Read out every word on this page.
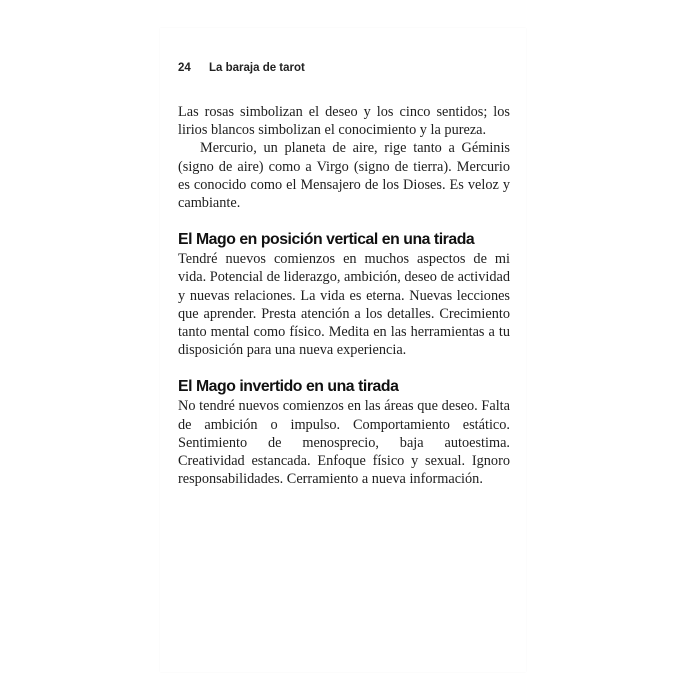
24 La baraja de tarot

Las rosas simbolizan el deseo y los cinco sentidos; los lirios blancos simbolizan el conocimiento y la pureza.

Mercurio, un planeta de aire, rige tanto a Géminis (signo de aire) como a Virgo (signo de tierra). Mercurio es conocido como el Mensajero de los Dioses. Es veloz y cambiante.

El Mago en posición vertical en una tirada

Tendré nuevos comienzos en muchos aspectos de mi vida. Potencial de liderazgo, ambición, deseo de actividad y nuevas relaciones. La vida es eterna. Nuevas lecciones que aprender. Presta atención a los detalles. Crecimiento tanto mental como físico. Medita en las herramientas a tu disposición para una nueva experiencia.

El Mago invertido en una tirada

No tendré nuevos comienzos en las áreas que deseo. Falta de ambición o impulso. Comportamiento estático. Sentimiento de menosprecio, baja autoestima. Creatividad estancada. Enfoque físico y sexual. Ignoro responsabilidades. Cerramiento a nueva información.
